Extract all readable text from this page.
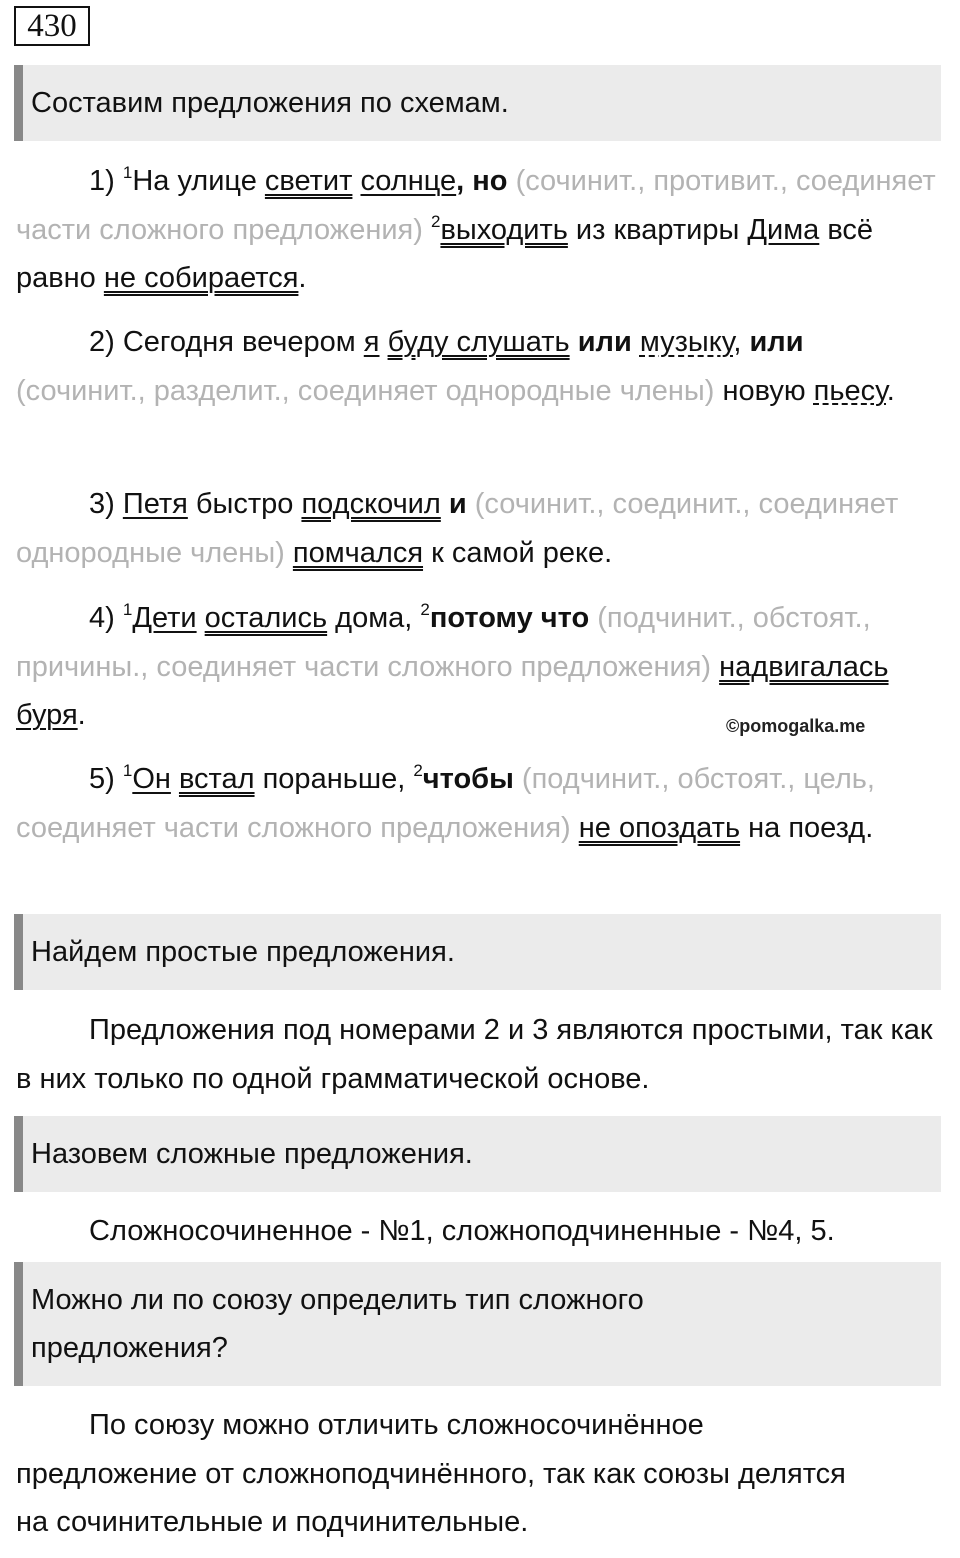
430
Составим предложения по схемам.

1) $^1$На улице светит солнце, но (сочинит., противит., соединяет части сложного предложения) $^2$выходить из квартиры Дима всё равно не собирается.

2) Сегодня вечером я буду слушать или музыку, или (сочинит., разделит., соединяет однородные члены) новую пьесу.

3) Петя быстро подскочил и (сочинит., соединит., соединяет однородные члены) помчался к самой реке.

4) $^1$Дети остались дома, $^2$потому что (подчинит., обстоят., причины., соединяет части сложного предложения) надвигалась буря.	©pomogalka.me

5) $^1$Он встал пораньше, $^2$чтобы (подчинит., обстоят., цель, соединяет части сложного предложения) не опоздать на поезд.

Найдем простые предложения.

Предложения под номерами 2 и 3 являются простыми, так как в них только по одной грамматической основе.

Назовем сложные предложения.

Сложносочиненное - №1, сложноподчиненные - №4, 5.

Можно ли по союзу определить тип сложного предложения?

По союзу можно отличить сложносочинённое предложение от сложноподчинённого, так как союзы делятся на сочинительные и подчинительные.
